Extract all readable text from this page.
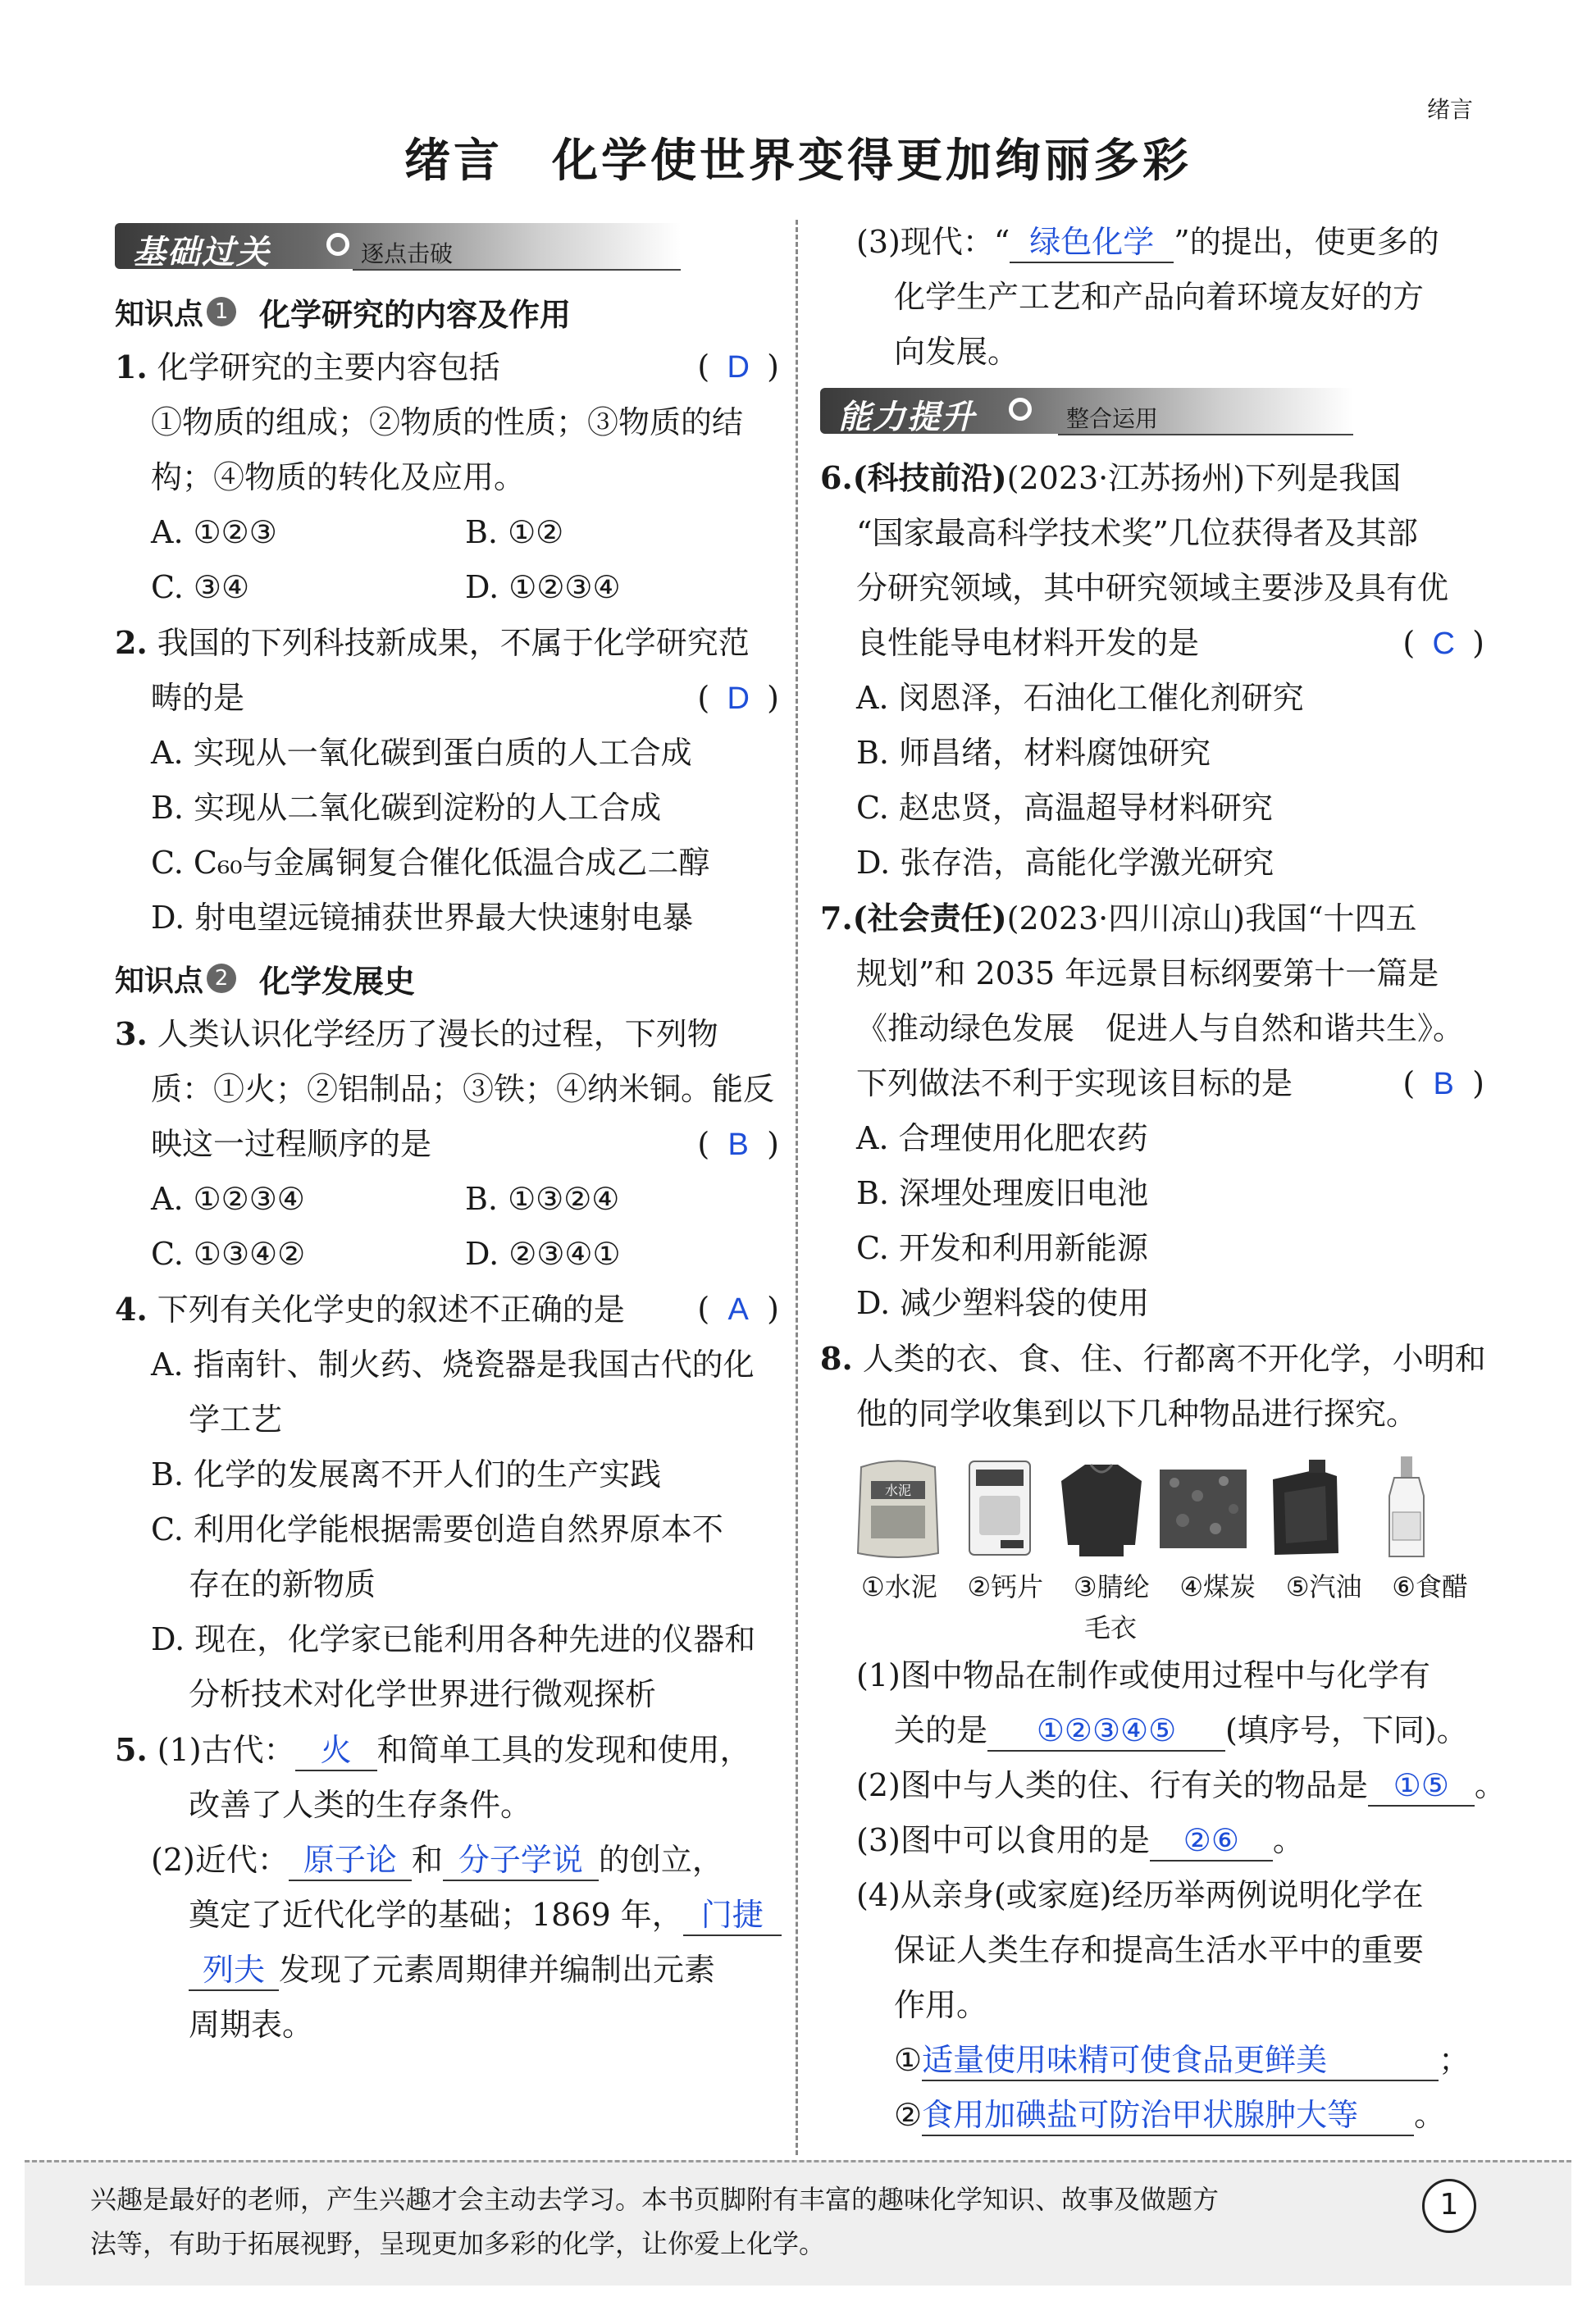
绪言
绪言　化学使世界变得更加绚丽多彩
基础过关	逐点击破
知识点 1 化学研究的内容及作用
1. 化学研究的主要内容包括	( D )
①物质的组成；②物质的性质；③物质的结
构；④物质的转化及应用。
A. ①②③	B. ①②
C. ③④	D. ①②③④
2. 我国的下列科技新成果，不属于化学研究范
畴的是	( D )
A. 实现从一氧化碳到蛋白质的人工合成
B. 实现从二氧化碳到淀粉的人工合成
C. C₆₀与金属铜复合催化低温合成乙二醇
D. 射电望远镜捕获世界最大快速射电暴
知识点 2 化学发展史
3. 人类认识化学经历了漫长的过程，下列物
质：①火；②铝制品；③铁；④纳米铜。能反
映这一过程顺序的是	( B )
A. ①②③④	B. ①③②④
C. ①③④②	D. ②③④①
4. 下列有关化学史的叙述不正确的是 ( A )
A. 指南针、制火药、烧瓷器是我国古代的化
学工艺
B. 化学的发展离不开人们的生产实践
C. 利用化学能根据需要创造自然界原本不
存在的新物质
D. 现在，化学家已能利用各种先进的仪器和
分析技术对化学世界进行微观探析
5. (1)古代： 火 和简单工具的发现和使用，
改善了人类的生存条件。
(2)近代： 原子论 和 分子学说 的创立，
奠定了近代化学的基础；1869 年， 门捷
列夫 发现了元素周期律并编制出元素
周期表。
(3)现代：“ 绿色化学 ”的提出，使更多的
化学生产工艺和产品向着环境友好的方
向发展。
能力提升	整合运用
6.(科技前沿)(2023·江苏扬州)下列是我国
“国家最高科学技术奖”几位获得者及其部
分研究领域，其中研究领域主要涉及具有优
良性能导电材料开发的是	( C )
A. 闵恩泽，石油化工催化剂研究
B. 师昌绪，材料腐蚀研究
C. 赵忠贤，高温超导材料研究
D. 张存浩，高能化学激光研究
7.(社会责任)(2023·四川凉山)我国“十四五
规划”和 2035 年远景目标纲要第十一篇是
《推动绿色发展　促进人与自然和谐共生》。
下列做法不利于实现该目标的是	( B )
A. 合理使用化肥农药
B. 深埋处理废旧电池
C. 开发和利用新能源
D. 减少塑料袋的使用
8. 人类的衣、食、住、行都离不开化学，小明和
他的同学收集到以下几种物品进行探究。
水泥
①水泥 ②钙片 ③腈纶 ④煤炭 ⑤汽油 ⑥食醋
毛衣
(1)图中物品在制作或使用过程中与化学有
关的是 ①②③④⑤ (填序号，下同)。
(2)图中与人类的住、行有关的物品是 ①⑤ 。
(3)图中可以食用的是 ②⑥ 。
(4)从亲身(或家庭)经历举两例说明化学在
保证人类生存和提高生活水平中的重要
作用。
①适量使用味精可使食品更鲜美	；
②食用加碘盐可防治甲状腺肿大等 。
兴趣是最好的老师，产生兴趣才会主动去学习。本书页脚附有丰富的趣味化学知识、故事及做题方
法等，有助于拓展视野，呈现更加多彩的化学，让你爱上化学。
1
